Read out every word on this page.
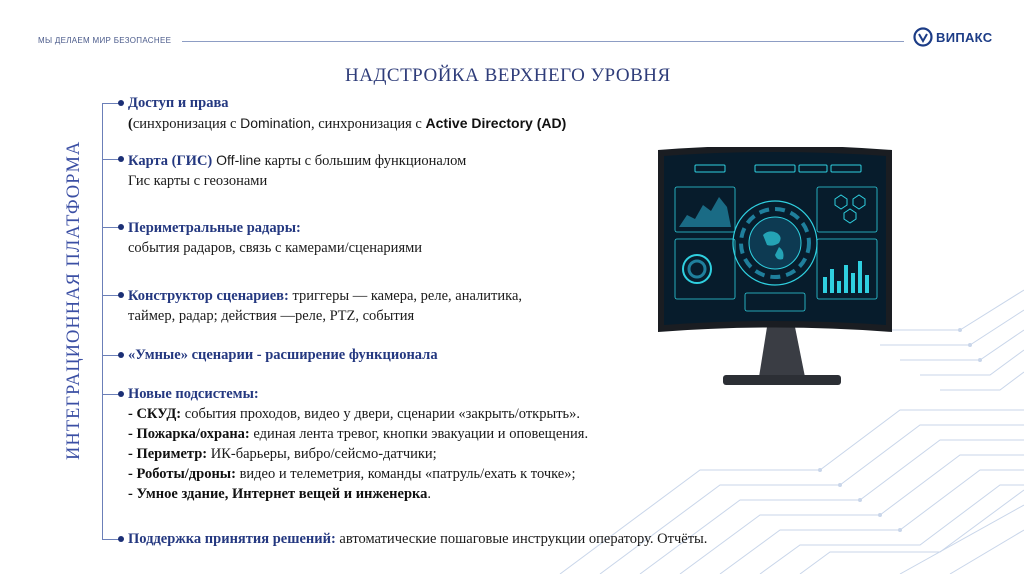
МЫ ДЕЛАЕМ МИР БЕЗОПАСНЕЕ	ВИПАКС
НАДСТРОЙКА ВЕРХНЕГО УРОВНЯ
ИНТЕГРАЦИОННАЯ ПЛАТФОРМА
Доступ и права
(синхронизация с Domination, синхронизация с Active Directory (AD)
Карта (ГИС) Off-line карты с большим функционалом
Гис карты с геозонами
Периметральные радары:
события радаров, связь с камерами/сценариями
Конструктор сценариев: триггеры — камера, реле, аналитика,
таймер, радар; действия —реле, PTZ, события
«Умные» сценарии - расширение функционала
Новые подсистемы:
- СКУД: события проходов, видео у двери, сценарии «закрыть/открыть».
- Пожарка/охрана: единая лента тревог, кнопки эвакуации и оповещения.
- Периметр: ИК-барьеры, вибро/сейсмо-датчики;
- Роботы/дроны: видео и телеметрия, команды «патруль/ехать к точке»;
- Умное здание, Интернет вещей и инженерка.
Поддержка принятия решений: автоматические пошаговые инструкции оператору. Отчёты.
